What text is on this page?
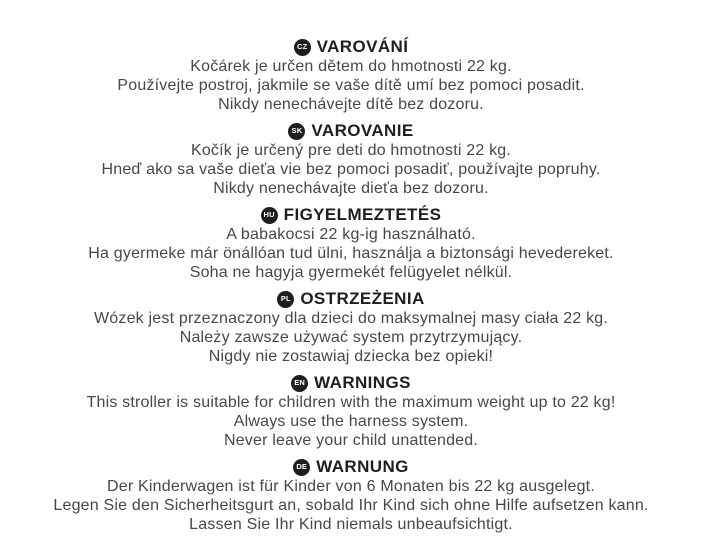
CZ VAROVÁNÍ

Kočárek je určen dětem do hmotnosti 22 kg.

Používejte postroj, jakmile se vaše dítě umí bez pomoci posadit.

Nikdy nenechávejte dítě bez dozoru.

SK VAROVANIE

Kočík je určený pre deti do hmotnosti 22 kg.

Hneď ako sa vaše dieťa vie bez pomoci posadiť, používajte popruhy.

Nikdy nenechávajte dieťa bez dozoru.

HU FIGYELMEZTETÉS

A babakocsi 22 kg-ig használható.

Ha gyermeke már önállóan tud ülni, használja a biztonsági hevedereket.

Soha ne hagyja gyermekét felügyelet nélkül.

PL OSTRZEŻENIA

Wózek jest przeznaczony dla dzieci do maksymalnej masy ciała 22 kg.

Należy zawsze używać system przytrzymujący.

Nigdy nie zostawiaj dziecka bez opieki!

EN WARNINGS

This stroller is suitable for children with the maximum weight up to 22 kg!

Always use the harness system.

Never leave your child unattended.

DE WARNUNG

Der Kinderwagen ist für Kinder von 6 Monaten bis 22 kg ausgelegt.

Legen Sie den Sicherheitsgurt an, sobald Ihr Kind sich ohne Hilfe aufsetzen kann.

Lassen Sie Ihr Kind niemals unbeaufsichtigt.
